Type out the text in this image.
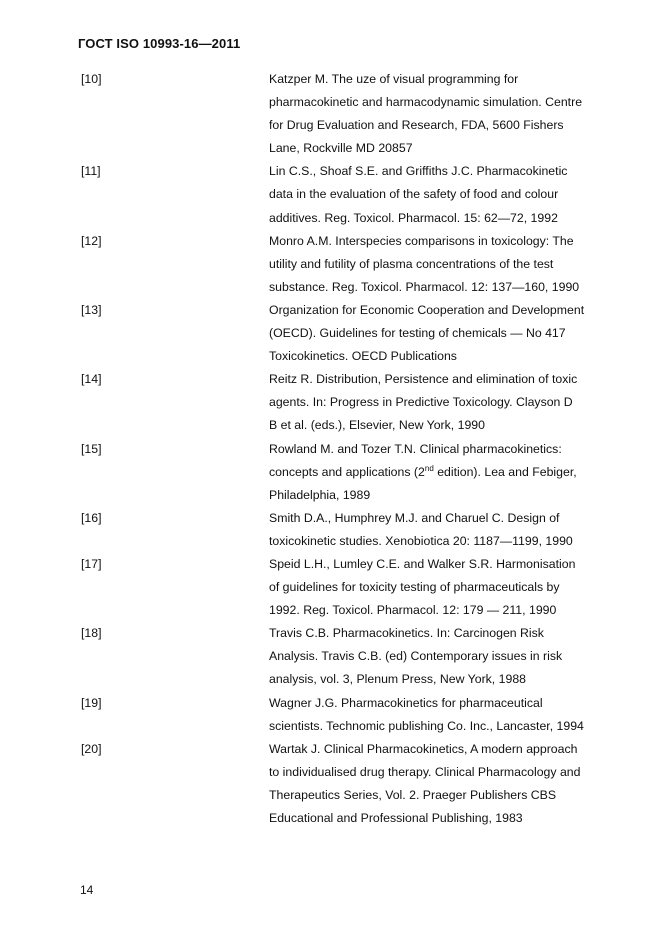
ГОСТ ISO 10993-16—2011
[10]	Katzper M. The uze of visual programming for
pharmacokinetic and harmacodynamic simulation. Centre
for Drug Evaluation and Research, FDA, 5600 Fishers
Lane, Rockville MD 20857
[11]	Lin C.S., Shoaf S.E. and Griffiths J.C. Pharmacokinetic
data in the evaluation of the safety of food and colour
additives. Reg. Toxicol. Pharmacol. 15: 62—72, 1992
[12]	Monro A.M. Interspecies comparisons in toxicology: The
utility and futility of plasma concentrations of the test
substance. Reg. Toxicol. Pharmacol. 12: 137—160, 1990
[13]	Organization for Economic Cooperation and Development
(OECD). Guidelines for testing of chemicals — No 417
Toxicokinetics. OECD Publications
[14]	Reitz R. Distribution, Persistence and elimination of toxic
agents. In: Progress in Predictive Toxicology. Clayson D
B et al. (eds.), Elsevier, New York, 1990
[15]	Rowland M. and Tozer T.N. Clinical pharmacokinetics:
concepts and applications (2nd edition). Lea and Febiger,
Philadelphia, 1989
[16]	Smith D.A., Humphrey M.J. and Charuel C. Design of
toxicokinetic studies. Xenobiotica 20: 1187—1199, 1990
[17]	Speid L.H., Lumley C.E. and Walker S.R. Harmonisation
of guidelines for toxicity testing of pharmaceuticals by
1992. Reg. Toxicol. Pharmacol. 12: 179 — 211, 1990
[18]	Travis C.B. Pharmacokinetics. In: Carcinogen Risk
Analysis. Travis C.B. (ed) Contemporary issues in risk
analysis, vol. 3, Plenum Press, New York, 1988
[19]	Wagner J.G. Pharmacokinetics for pharmaceutical
scientists. Technomic publishing Co. Inc., Lancaster, 1994
[20]	Wartak J. Clinical Pharmacokinetics, A modern approach
to individualised drug therapy. Clinical Pharmacology and
Therapeutics Series, Vol. 2. Praeger Publishers CBS
Educational and Professional Publishing, 1983
14
